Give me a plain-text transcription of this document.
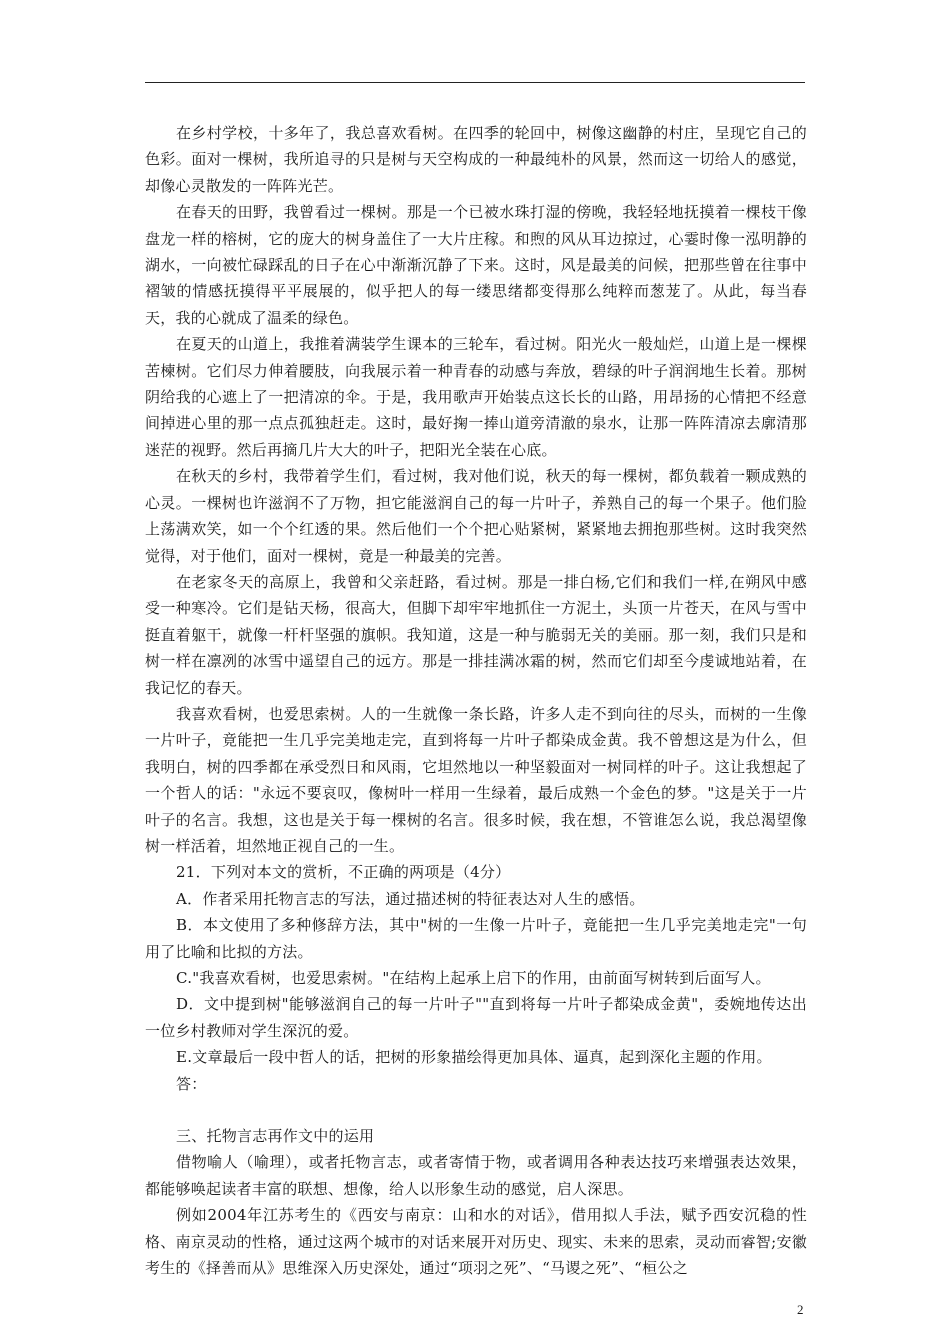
在乡村学校，十多年了，我总喜欢看树。在四季的轮回中，树像这幽静的村庄，呈现它自己的色彩。面对一棵树，我所追寻的只是树与天空构成的一种最纯朴的风景，然而这一切给人的感觉，却像心灵散发的一阵阵光芒。

在春天的田野，我曾看过一棵树。那是一个已被水珠打湿的傍晚，我轻轻地抚摸着一棵枝干像盘龙一样的榕树，它的庞大的树身盖住了一大片庄稼。和煦的风从耳边掠过，心霎时像一泓明静的湖水，一向被忙碌踩乱的日子在心中渐渐沉静了下来。这时，风是最美的问候，把那些曾在往事中褶皱的情感抚摸得平平展展的，似乎把人的每一缕思绪都变得那么纯粹而葱茏了。从此，每当春天，我的心就成了温柔的绿色。

在夏天的山道上，我推着满装学生课本的三轮车，看过树。阳光火一般灿烂，山道上是一棵棵苦楝树。它们尽力伸着腰肢，向我展示着一种青春的动感与奔放，碧绿的叶子润润地生长着。那树阴给我的心遮上了一把清凉的伞。于是，我用歌声开始装点这长长的山路，用昂扬的心情把不经意间掉进心里的那一点点孤独赶走。这时，最好掬一捧山道旁清澈的泉水，让那一阵阵清凉去廓清那迷茫的视野。然后再摘几片大大的叶子，把阳光全装在心底。

在秋天的乡村，我带着学生们，看过树，我对他们说，秋天的每一棵树，都负载着一颗成熟的心灵。一棵树也许滋润不了万物，担它能滋润自己的每一片叶子，养熟自己的每一个果子。他们脸上荡满欢笑，如一个个红透的果。然后他们一个个把心贴紧树，紧紧地去拥抱那些树。这时我突然觉得，对于他们，面对一棵树，竟是一种最美的完善。

在老家冬天的高原上，我曾和父亲赶路，看过树。那是一排白杨,它们和我们一样,在朔风中感受一种寒冷。它们是钻天杨，很高大，但脚下却牢牢地抓住一方泥土，头顶一片苍天，在风与雪中挺直着躯干，就像一杆杆坚强的旗帜。我知道，这是一种与脆弱无关的美丽。那一刻，我们只是和树一样在凛冽的冰雪中遥望自己的远方。那是一排挂满冰霜的树，然而它们却至今虔诚地站着，在我记忆的春天。

我喜欢看树，也爱思索树。人的一生就像一条长路，许多人走不到向往的尽头，而树的一生像一片叶子，竟能把一生几乎完美地走完，直到将每一片叶子都染成金黄。我不曾想这是为什么，但我明白，树的四季都在承受烈日和风雨，它坦然地以一种坚毅面对一树同样的叶子。这让我想起了一个哲人的话："永远不要哀叹，像树叶一样用一生绿着，最后成熟一个金色的梦。"这是关于一片叶子的名言。我想，这也是关于每一棵树的名言。很多时候，我在想，不管谁怎么说，我总渴望像树一样活着，坦然地正视自己的一生。

21．下列对本文的赏析，不正确的两项是（4分）

A．作者采用托物言志的写法，通过描述树的特征表达对人生的感悟。

B．本文使用了多种修辞方法，其中"树的一生像一片叶子，竟能把一生几乎完美地走完"一句用了比喻和比拟的方法。

C."我喜欢看树，也爱思索树。"在结构上起承上启下的作用，由前面写树转到后面写人。

D．文中提到树"能够滋润自己的每一片叶子""直到将每一片叶子都染成金黄"，委婉地传达出一位乡村教师对学生深沉的爱。

E.文章最后一段中哲人的话，把树的形象描绘得更加具体、逼真，起到深化主题的作用。

答：

三、托物言志再作文中的运用

借物喻人（喻理），或者托物言志，或者寄情于物，或者调用各种表达技巧来增强表达效果，都能够唤起读者丰富的联想、想像，给人以形象生动的感觉，启人深思。

例如2004年江苏考生的《西安与南京：山和水的对话》，借用拟人手法，赋予西安沉稳的性格、南京灵动的性格，通过这两个城市的对话来展开对历史、现实、未来的思索，灵动而睿智;安徽考生的《择善而从》思维深入历史深处，通过“项羽之死”、“马谡之死”、“桓公之

2
